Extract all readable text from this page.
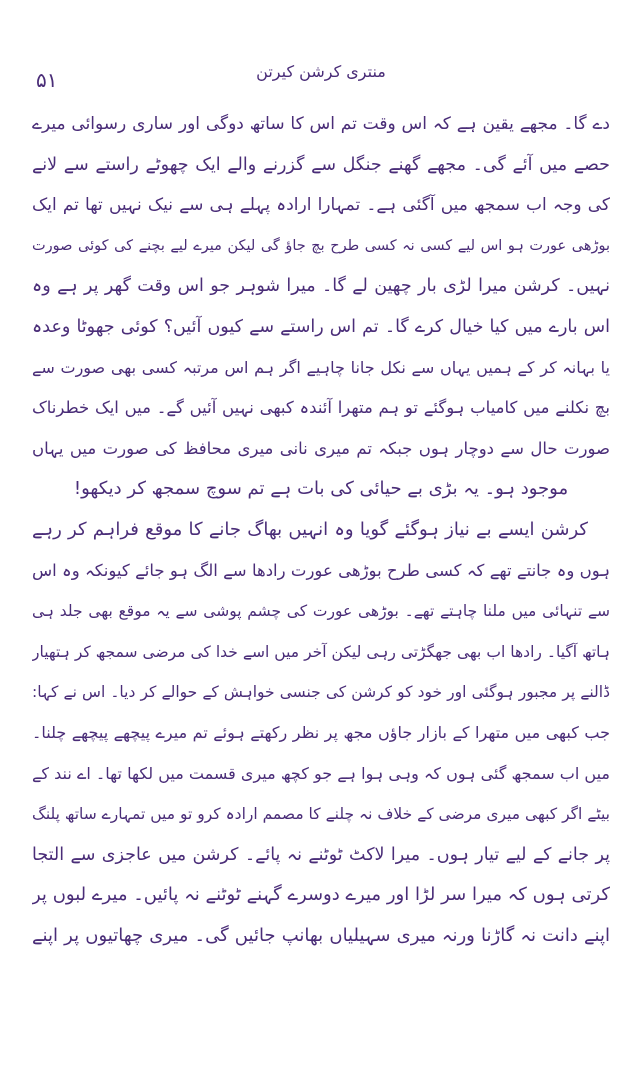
۵۱	منتری کرشن کیرتن
دے گا۔ مجھے یقین ہے کہ اس وقت تم اس کا ساتھ دوگی اور ساری رسوائی میرے
حصے میں آئے گی۔ مجھے گھنے جنگل سے گزرنے والے ایک چھوٹے راستے سے لانے
کی وجہ اب سمجھ میں آگئی ہے۔ تمہارا ارادہ پہلے ہی سے نیک نہیں تھا تم ایک
بوڑھی عورت ہو اس لیے کسی نہ کسی طرح بچ جاؤ گی لیکن میرے لیے بچنے کی کوئی صورت
نہیں۔ کرشن میرا لڑی بار چھین لے گا۔ میرا شوہر جو اس وقت گھر پر ہے وہ
اس بارے میں کیا خیال کرے گا۔ تم اس راستے سے کیوں آئیں؟ کوئی جھوٹا وعدہ
یا بہانہ کر کے ہمیں یہاں سے نکل جانا چاہیے اگر ہم اس مرتبہ کسی بھی صورت سے
بچ نکلنے میں کامیاب ہوگئے تو ہم متھرا آئندہ کبھی نہیں آئیں گے۔ میں ایک خطرناک
صورت حال سے دوچار ہوں جبکہ تم میری نانی میری محافظ کی صورت میں یہاں
موجود ہو۔ یہ بڑی بے حیائی کی بات ہے تم سوچ سمجھ کر دیکھو!
کرشن ایسے بے نیاز ہوگئے گویا وہ انہیں بھاگ جانے کا موقع فراہم کر رہے
ہوں وہ جانتے تھے کہ کسی طرح بوڑھی عورت رادھا سے الگ ہو جائے کیونکہ وہ اس
سے تنہائی میں ملنا چاہتے تھے۔ بوڑھی عورت کی چشم پوشی سے یہ موقع بھی جلد ہی
ہاتھ آگیا۔ رادھا اب بھی جھگڑتی رہی لیکن آخر میں اسے خدا کی مرضی سمجھ کر ہتھیار
ڈالنے پر مجبور ہوگئی اور خود کو کرشن کی جنسی خواہش کے حوالے کر دیا۔ اس نے کہا:
جب کبھی میں متھرا کے بازار جاؤں مجھ پر نظر رکھتے ہوئے تم میرے پیچھے پیچھے چلنا۔
میں اب سمجھ گئی ہوں کہ وہی ہوا ہے جو کچھ میری قسمت میں لکھا تھا۔ اے نند کے
بیٹے اگر کبھی میری مرضی کے خلاف نہ چلنے کا مصمم ارادہ کرو تو میں تمہارے ساتھ پلنگ
پر جانے کے لیے تیار ہوں۔ میرا لاکٹ ٹوٹنے نہ پائے۔ کرشن میں عاجزی سے التجا
کرتی ہوں کہ میرا سر لڑا اور میرے دوسرے گہنے ٹوٹنے نہ پائیں۔ میرے لبوں پر
اپنے دانت نہ گاڑنا ورنہ میری سہیلیاں بھانپ جائیں گی۔ میری چھاتیوں پر اپنے
